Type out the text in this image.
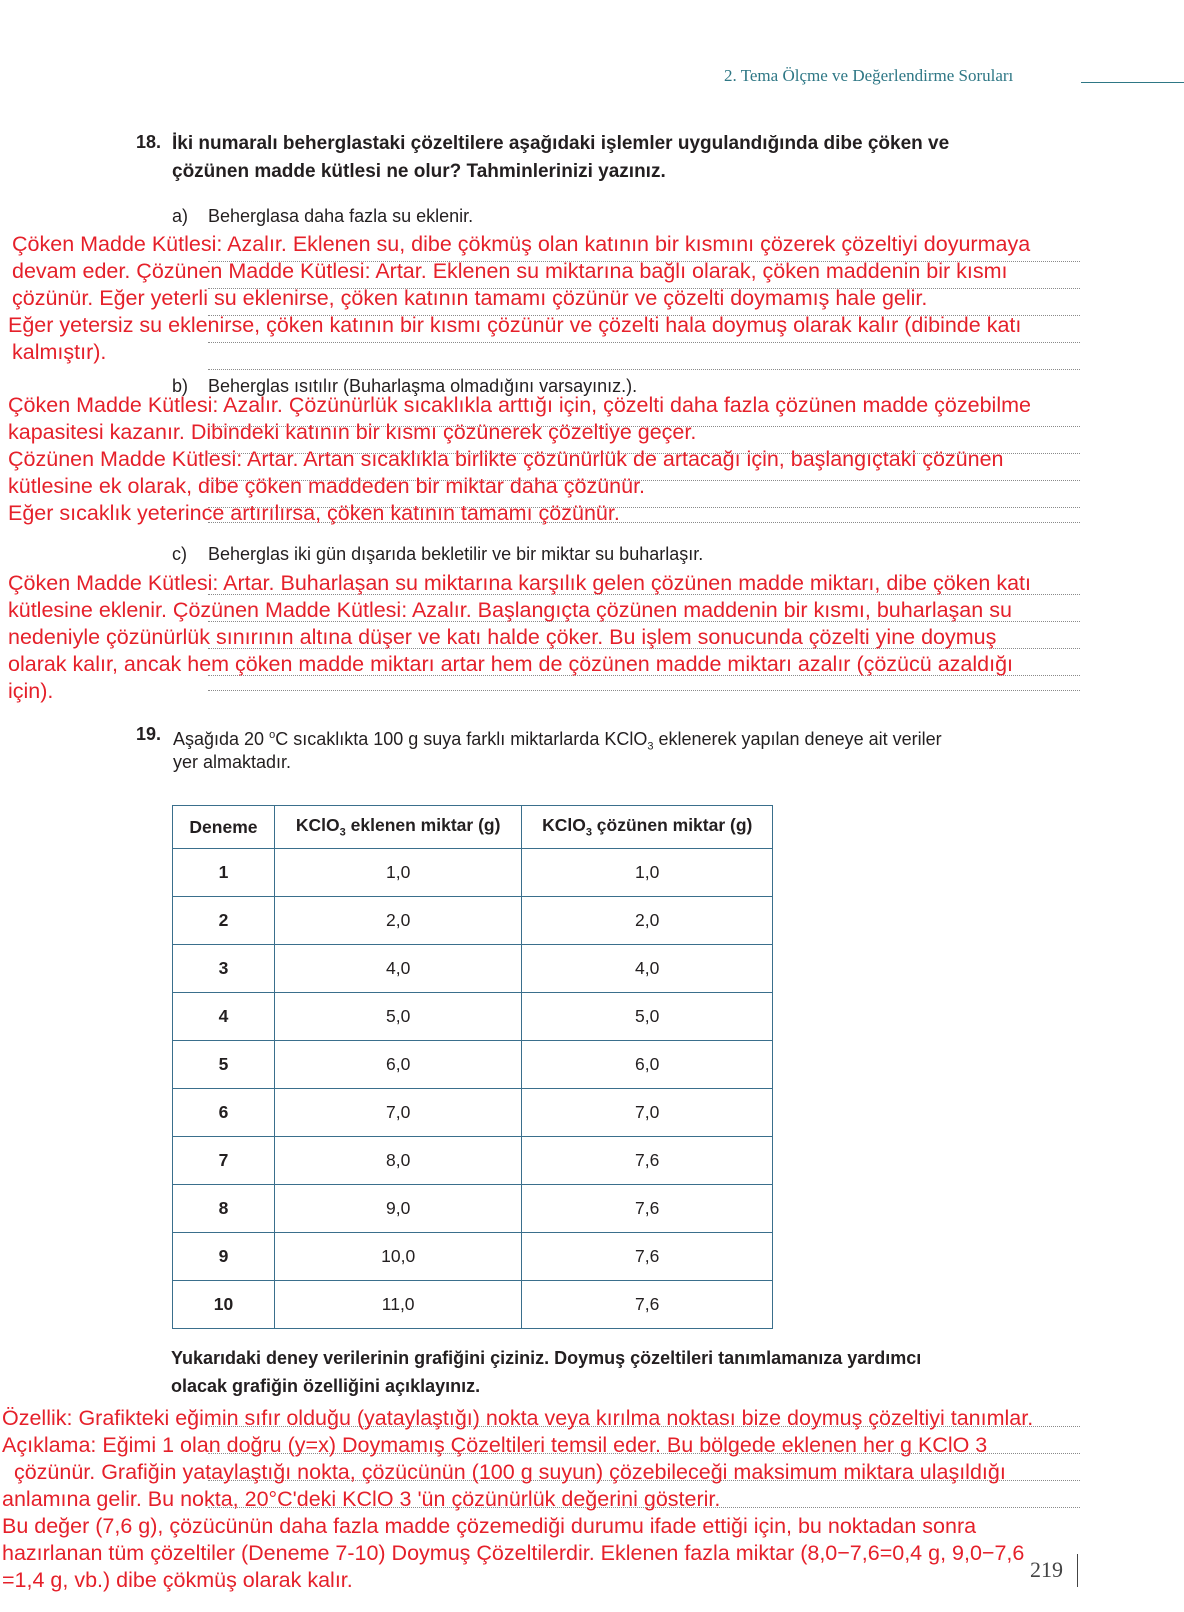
2. Tema Ölçme ve Değerlendirme Soruları
18. İki numaralı beherglastaki çözeltilere aşağıdaki işlemler uygulandığında dibe çöken ve
çözünen madde kütlesi ne olur? Tahminlerinizi yazınız.
a) Beherglasa daha fazla su eklenir.
Çöken Madde Kütlesi: Azalır. Eklenen su, dibe çökmüş olan katının bir kısmını çözerek çözeltiyi doyurmaya
devam eder. Çözünen Madde Kütlesi: Artar. Eklenen su miktarına bağlı olarak, çöken maddenin bir kısmı
çözünür. Eğer yeterli su eklenirse, çöken katının tamamı çözünür ve çözelti doymamış hale gelir.
Eğer yetersiz su eklenirse, çöken katının bir kısmı çözünür ve çözelti hala doymuş olarak kalır (dibinde katı
kalmıştır).
b) Beherglas ısıtılır (Buharlaşma olmadığını varsayınız.).
Çöken Madde Kütlesi: Azalır. Çözünürlük sıcaklıkla arttığı için, çözelti daha fazla çözünen madde çözebilme
kapasitesi kazanır. Dibindeki katının bir kısmı çözünerek çözeltiye geçer.
Çözünen Madde Kütlesi: Artar. Artan sıcaklıkla birlikte çözünürlük de artacağı için, başlangıçtaki çözünen
kütlesine ek olarak, dibe çöken maddeden bir miktar daha çözünür.
Eğer sıcaklık yeterince artırılırsa, çöken katının tamamı çözünür.
c) Beherglas iki gün dışarıda bekletilir ve bir miktar su buharlaşır.
Çöken Madde Kütlesi: Artar. Buharlaşan su miktarına karşılık gelen çözünen madde miktarı, dibe çöken katı
kütlesine eklenir. Çözünen Madde Kütlesi: Azalır. Başlangıçta çözünen maddenin bir kısmı, buharlaşan su
nedeniyle çözünürlük sınırının altına düşer ve katı halde çöker. Bu işlem sonucunda çözelti yine doymuş
olarak kalır, ancak hem çöken madde miktarı artar hem de çözünen madde miktarı azalır (çözücü azaldığı
için).
19. Aşağıda 20 $^o$C sıcaklıkta 100 g suya farklı miktarlarda KClO$_3$ eklenerek yapılan deneye ait veriler
yer almaktadır.
Deneme	KClO$_3$ eklenen miktar (g)	KClO$_3$ çözünen miktar (g)
1	1,0	1,0
2	2,0	2,0
3	4,0	4,0
4	5,0	5,0
5	6,0	6,0
6	7,0	7,0
7	8,0	7,6
8	9,0	7,6
9	10,0	7,6
10	11,0	7,6
Yukarıdaki deney verilerinin grafiğini çiziniz. Doymuş çözeltileri tanımlamanıza yardımcı
olacak grafiğin özelliğini açıklayınız.
Özellik: Grafikteki eğimin sıfır olduğu (yataylaştığı) nokta veya kırılma noktası bize doymuş çözeltiyi tanımlar.
Açıklama: Eğimi 1 olan doğru (y=x) Doymamış Çözeltileri temsil eder. Bu bölgede eklenen her g KClO 3
çözünür. Grafiğin yataylaştığı nokta, çözücünün (100 g suyun) çözebileceği maksimum miktara ulaşıldığı
anlamına gelir. Bu nokta, 20°C'deki KClO 3 'ün çözünürlük değerini gösterir.
Bu değer (7,6 g), çözücünün daha fazla madde çözemediği durumu ifade ettiği için, bu noktadan sonra
hazırlanan tüm çözeltiler (Deneme 7-10) Doymuş Çözeltilerdir. Eklenen fazla miktar (8,0−7,6=0,4 g, 9,0−7,6
=1,4 g, vb.) dibe çökmüş olarak kalır.	219
